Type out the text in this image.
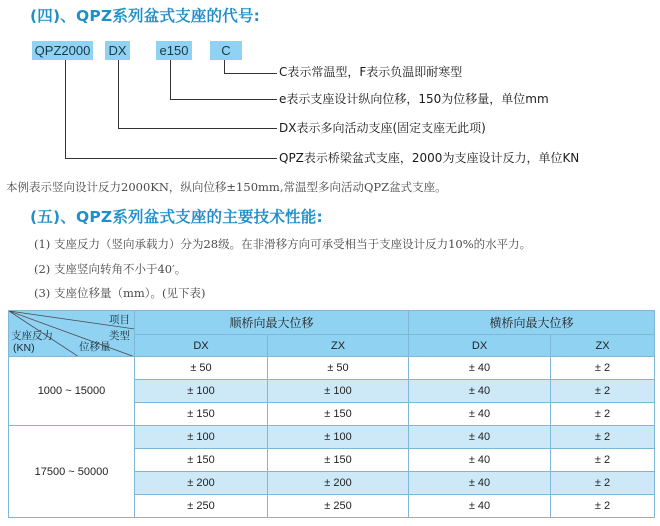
(四)、QPZ系列盆式支座的代号:
QPZ2000 DX	e150	C
C表示常温型，F表示负温即耐寒型
e表示支座设计纵向位移，150为位移量，单位mm
DX表示多向活动支座(固定支座无此项)
QPZ表示桥梁盆式支座，2000为支座设计反力，单位KN
本例表示竖向设计反力2000KN，纵向位移±150mm,常温型多向活动QPZ盆式支座。
(五)、QPZ系列盆式支座的主要技术性能:
(1) 支座反力（竖向承载力）分为28级。在非滑移方向可承受相当于支座设计反力10%的水平力。
(2) 支座竖向转角不小于40′。
(3) 支座位移量（mm）。(见下表)
项目
类型
位移量
支座反力
(KN)	顺桥向最大位移		横桥向最大位移	
	DX	ZX	DX	ZX
1000 ~ 15000	± 50	± 50	± 40	± 2
	± 100	± 100	± 40	± 2
	± 150	± 150	± 40	± 2
17500 ~ 50000	± 100	± 100	± 40	± 2
	± 150	± 150	± 40	± 2
	± 200	± 200	± 40	± 2
	± 250	± 250	± 40	± 2
